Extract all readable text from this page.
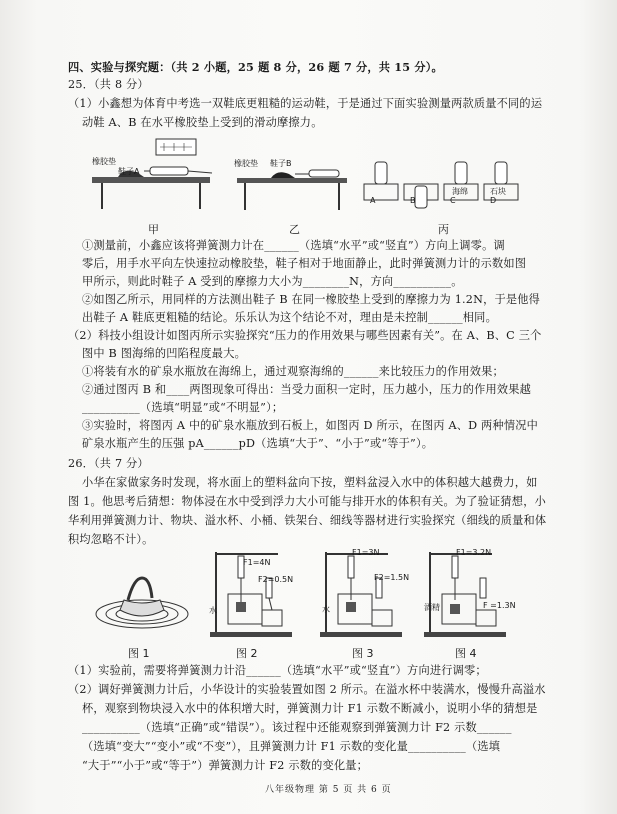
四、实验与探究题：（共 2 小题，25 题 8 分，26 题 7 分，共 15 分）。
25．（共 8 分）
（1）小鑫想为体育中考选一双鞋底更粗糙的运动鞋，于是通过下面实验测量两款质量不同的运
动鞋 A、B 在水平橡胶垫上受到的滑动摩擦力。
橡胶垫
鞋子A
橡胶垫 鞋子B
A	B	C	D
海绵	石块
甲	乙	丙
①测量前，小鑫应该将弹簧测力计在______（选填“水平”或“竖直”）方向上调零。调
零后，用手水平向左快速拉动橡胶垫，鞋子相对于地面静止，此时弹簧测力计的示数如图
甲所示，则此时鞋子 A 受到的摩擦力大小为________N，方向__________。
②如图乙所示，用同样的方法测出鞋子 B 在同一橡胶垫上受到的摩擦力为 1.2N，于是他得
出鞋子 A 鞋底更粗糙的结论。乐乐认为这个结论不对，理由是未控制______相同。
（2）科技小组设计如图丙所示实验探究“压力的作用效果与哪些因素有关”。在 A、B、C 三个
图中 B 图海绵的凹陷程度最大。
①将装有水的矿泉水瓶放在海绵上，通过观察海绵的______来比较压力的作用效果；
②通过图丙 B 和____两图现象可得出：当受力面积一定时，压力越小，压力的作用效果越
__________（选填“明显”或“不明显”）；
③实验时，将图丙 A 中的矿泉水瓶放到石板上，如图丙 D 所示，在图丙 A、D 两种情况中
矿泉水瓶产生的压强 pA______pD（选填“大于”、“小于”或“等于”）。
26．（共 7 分）
小华在家做家务时发现，将水面上的塑料盆向下按，塑料盆浸入水中的体积越大越费力，如
图 1。他思考后猜想：物体浸在水中受到浮力大小可能与排开水的体积有关。为了验证猜想，小
华利用弹簧测力计、物块、溢水杯、小桶、铁架台、细线等器材进行实验探究（细线的质量和体
积均忽略不计）。
F1=4N
F2=0.5N
水
F1=3N
F2=1.5N
水
F1=3.2N
F =1.3N
酒精
图 1	图 2	图 3	图 4
（1）实验前，需要将弹簧测力计沿______（选填“水平”或“竖直”）方向进行调零；
（2）调好弹簧测力计后，小华设计的实验装置如图 2 所示。在溢水杯中装满水，慢慢升高溢水
杯，观察到物块浸入水中的体积增大时，弹簧测力计 F1 示数不断减小，说明小华的猜想是
__________（选填“正确”或“错误”）。该过程中还能观察到弹簧测力计 F2 示数______
（选填“变大”“变小”或“不变”），且弹簧测力计 F1 示数的变化量__________（选填
“大于”“小于”或“等于”）弹簧测力计 F2 示数的变化量；
八年级物理 第 5 页 共 6 页
